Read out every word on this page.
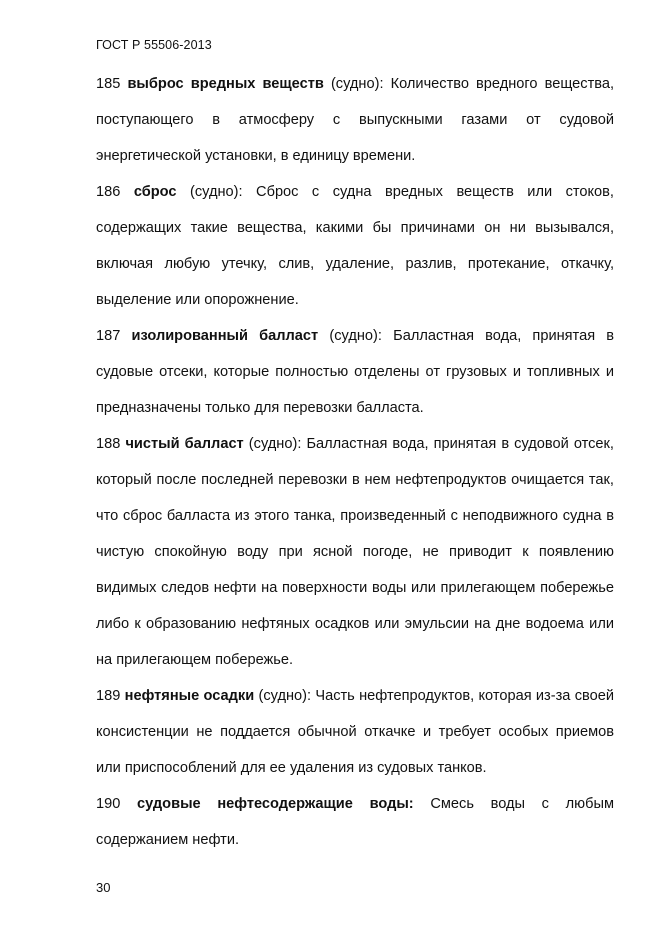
ГОСТ Р 55506-2013

185 выброс вредных веществ (судно): Количество вредного вещества, поступающего в атмосферу с выпускными газами от судовой энергетической установки, в единицу времени.

186 сброс (судно): Сброс с судна вредных веществ или стоков, содержащих такие вещества, какими бы причинами он ни вызывался, включая любую утечку, слив, удаление, разлив, протекание, откачку, выделение или опорожнение.

187 изолированный балласт (судно): Балластная вода, принятая в судовые отсеки, которые полностью отделены от грузовых и топливных и предназначены только для перевозки балласта.

188 чистый балласт (судно): Балластная вода, принятая в судовой отсек, который после последней перевозки в нем нефтепродуктов очищается так, что сброс балласта из этого танка, произведенный с неподвижного судна в чистую спокойную воду при ясной погоде, не приводит к появлению видимых следов нефти на поверхности воды или прилегающем побережье либо к образованию нефтяных осадков или эмульсии на дне водоема или на прилегающем побережье.

189 нефтяные осадки (судно): Часть нефтепродуктов, которая из-за своей консистенции не поддается обычной откачке и требует особых приемов или приспособлений для ее удаления из судовых танков.

190 судовые нефтесодержащие воды: Смесь воды с любым содержанием нефти.

30
